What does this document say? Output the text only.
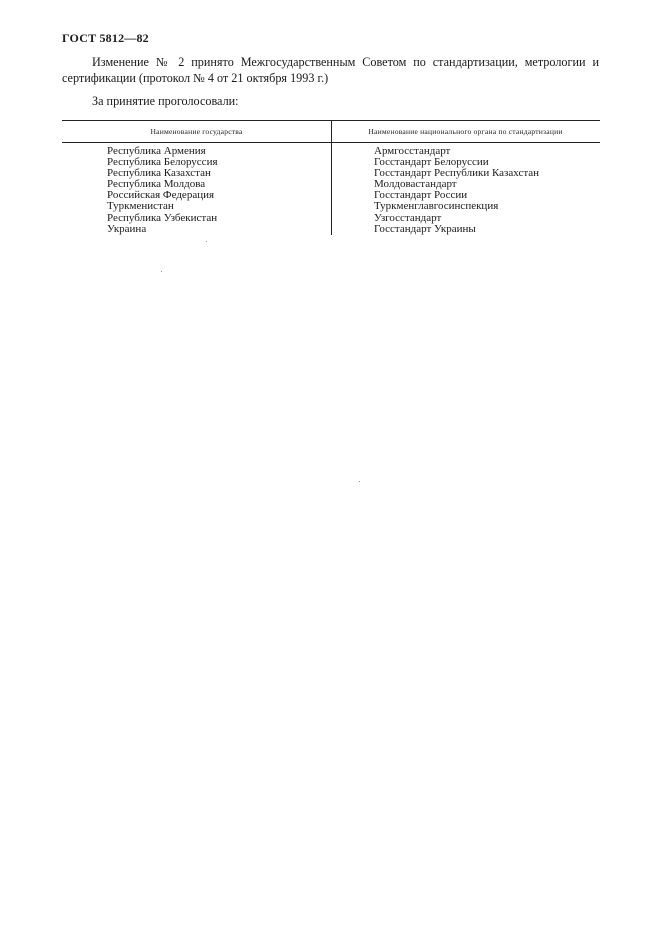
ГОСТ 5812—82
Изменение № 2 принято Межгосударственным Советом по стандартизации, метрологии и сертификации (протокол № 4 от 21 октября 1993 г.)
За принятие проголосовали:
Наименование государства	Наименование национального органа по стандартизации
Республика Армения
Республика Белоруссия
Республика Казахстан
Республика Молдова
Российская Федерация
Туркменистан
Республика Узбекистан
Украина
Армгосстандарт
Госстандарт Белоруссии
Госстандарт Республики Казахстан
Молдовастандарт
Госстандарт России
Туркменглавгосинспекция
Узгосстандарт
Госстандарт Украины
